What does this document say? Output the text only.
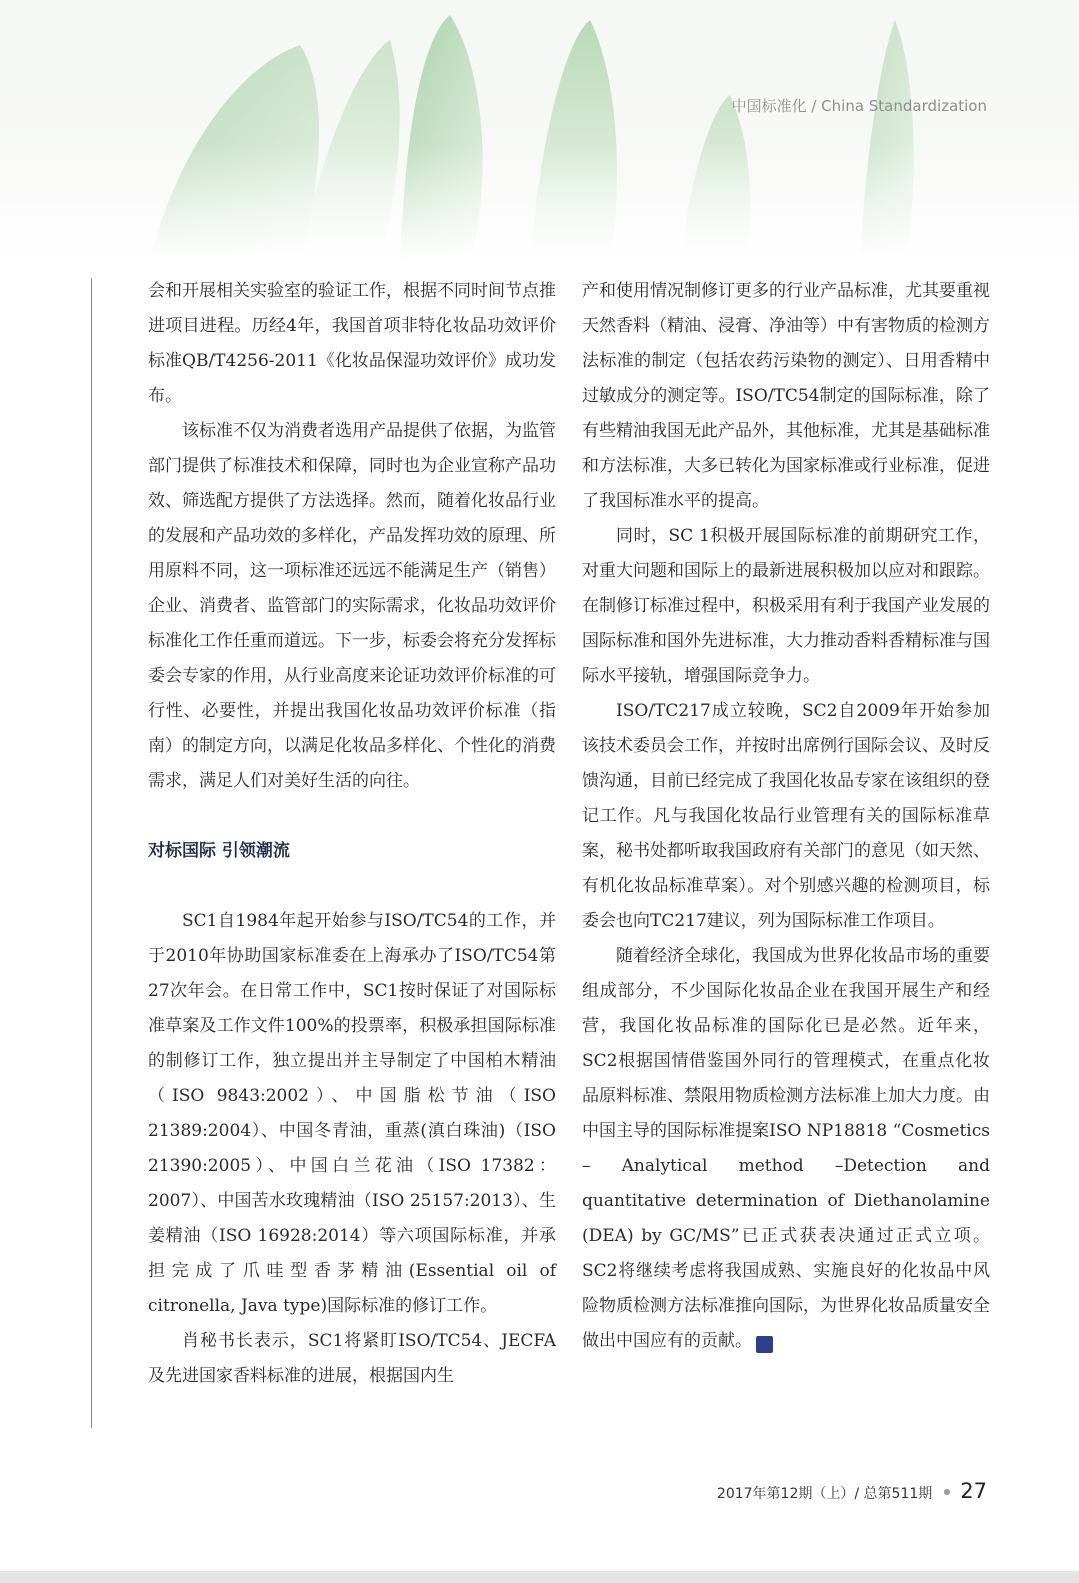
中国标准化 / China Standardization

会和开展相关实验室的验证工作，根据不同时间节点推进项目进程。历经4年，我国首项非特化妆品功效评价标准QB/T4256-2011《化妆品保湿功效评价》成功发布。

该标准不仅为消费者选用产品提供了依据，为监管部门提供了标准技术和保障，同时也为企业宣称产品功效、筛选配方提供了方法选择。然而，随着化妆品行业的发展和产品功效的多样化，产品发挥功效的原理、所用原料不同，这一项标准还远远不能满足生产（销售）企业、消费者、监管部门的实际需求，化妆品功效评价标准化工作任重而道远。下一步，标委会将充分发挥标委会专家的作用，从行业高度来论证功效评价标准的可行性、必要性，并提出我国化妆品功效评价标准（指南）的制定方向，以满足化妆品多样化、个性化的消费需求，满足人们对美好生活的向往。

对标国际 引领潮流

SC1自1984年起开始参与ISO/TC54的工作，并于2010年协助国家标准委在上海承办了ISO/TC54第27次年会。在日常工作中，SC1按时保证了对国际标准草案及工作文件100%的投票率，积极承担国际标准的制修订工作，独立提出并主导制定了中国柏木精油（ISO 9843:2002）、中国脂松节油（ISO 21389:2004）、中国冬青油，重蒸(滇白珠油)（ISO 21390:2005）、中国白兰花油（ISO 17382：2007）、中国苦水玫瑰精油（ISO 25157:2013）、生姜精油（ISO 16928:2014）等六项国际标准，并承担完成了爪哇型香茅精油(Essential oil of citronella, Java type)国际标准的修订工作。

肖秘书长表示，SC1将紧盯ISO/TC54、JECFA及先进国家香料标准的进展，根据国内生

产和使用情况制修订更多的行业产品标准，尤其要重视天然香料（精油、浸膏、净油等）中有害物质的检测方法标准的制定（包括农药污染物的测定）、日用香精中过敏成分的测定等。ISO/TC54制定的国际标准，除了有些精油我国无此产品外，其他标准，尤其是基础标准和方法标准，大多已转化为国家标准或行业标准，促进了我国标准水平的提高。

同时，SC 1积极开展国际标准的前期研究工作，对重大问题和国际上的最新进展积极加以应对和跟踪。在制修订标准过程中，积极采用有利于我国产业发展的国际标准和国外先进标准，大力推动香料香精标准与国际水平接轨，增强国际竞争力。

ISO/TC217成立较晚，SC2自2009年开始参加该技术委员会工作，并按时出席例行国际会议、及时反馈沟通，目前已经完成了我国化妆品专家在该组织的登记工作。凡与我国化妆品行业管理有关的国际标准草案，秘书处都听取我国政府有关部门的意见（如天然、有机化妆品标准草案）。对个别感兴趣的检测项目，标委会也向TC217建议，列为国际标准工作项目。

随着经济全球化，我国成为世界化妆品市场的重要组成部分，不少国际化妆品企业在我国开展生产和经营，我国化妆品标准的国际化已是必然。近年来，SC2根据国情借鉴国外同行的管理模式，在重点化妆品原料标准、禁限用物质检测方法标准上加大力度。由中国主导的国际标准提案ISO NP18818 “Cosmetics – Analytical method –Detection and quantitative determination of Diethanolamine (DEA) by GC/MS”已正式获表决通过正式立项。SC2将继续考虑将我国成熟、实施良好的化妆品中风险物质检测方法标准推向国际，为世界化妆品质量安全做出中国应有的贡献。	标

2017年第12期（上）/ 总第511期 27
